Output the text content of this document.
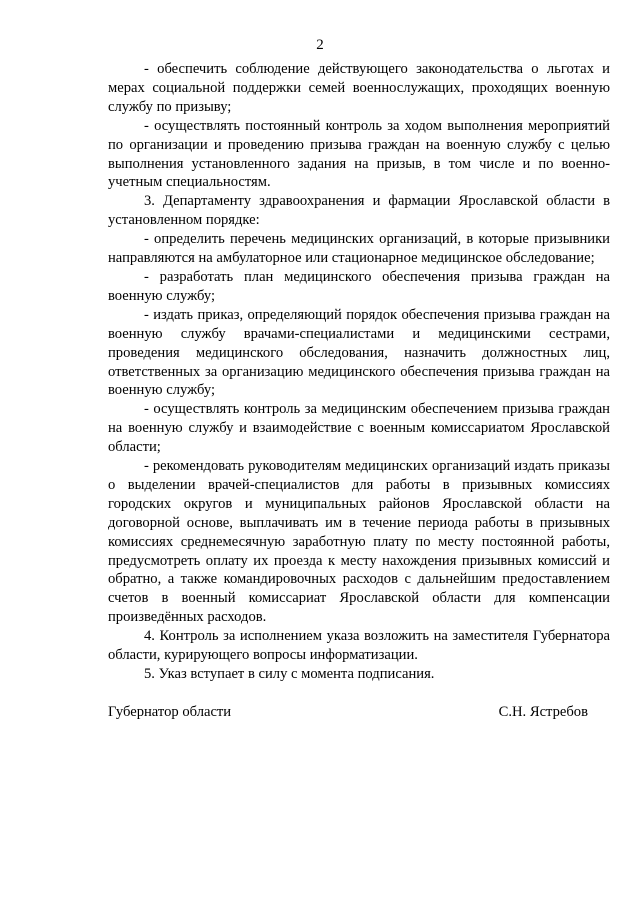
2

- обеспечить соблюдение действующего законодательства о льготах и мерах социальной поддержки семей военнослужащих, проходящих военную службу по призыву;

- осуществлять постоянный контроль за ходом выполнения мероприятий по организации и проведению призыва граждан на военную службу с целью выполнения установленного задания на призыв, в том числе и по военно-учетным специальностям.

3. Департаменту здравоохранения и фармации Ярославской области в установленном порядке:

- определить перечень медицинских организаций, в которые призывники направляются на амбулаторное или стационарное медицинское обследование;

- разработать план медицинского обеспечения призыва граждан на военную службу;

- издать приказ, определяющий порядок обеспечения призыва граждан на военную службу врачами-специалистами и медицинскими сестрами, проведения медицинского обследования, назначить должностных лиц, ответственных за организацию медицинского обеспечения призыва граждан на военную службу;

- осуществлять контроль за медицинским обеспечением призыва граждан на военную службу и взаимодействие с военным комиссариатом Ярославской области;

- рекомендовать руководителям медицинских организаций издать приказы о выделении врачей-специалистов для работы в призывных комиссиях городских округов и муниципальных районов Ярославской области на договорной основе, выплачивать им в течение периода работы в призывных комиссиях среднемесячную заработную плату по месту постоянной работы, предусмотреть оплату их проезда к месту нахождения призывных комиссий и обратно, а также командировочных расходов с дальнейшим предоставлением счетов в военный комиссариат Ярославской области для компенсации произведённых расходов.

4. Контроль за исполнением указа возложить на заместителя Губернатора области, курирующего вопросы информатизации.

5. Указ вступает в силу с момента подписания.

Губернатор области	С.Н. Ястребов
